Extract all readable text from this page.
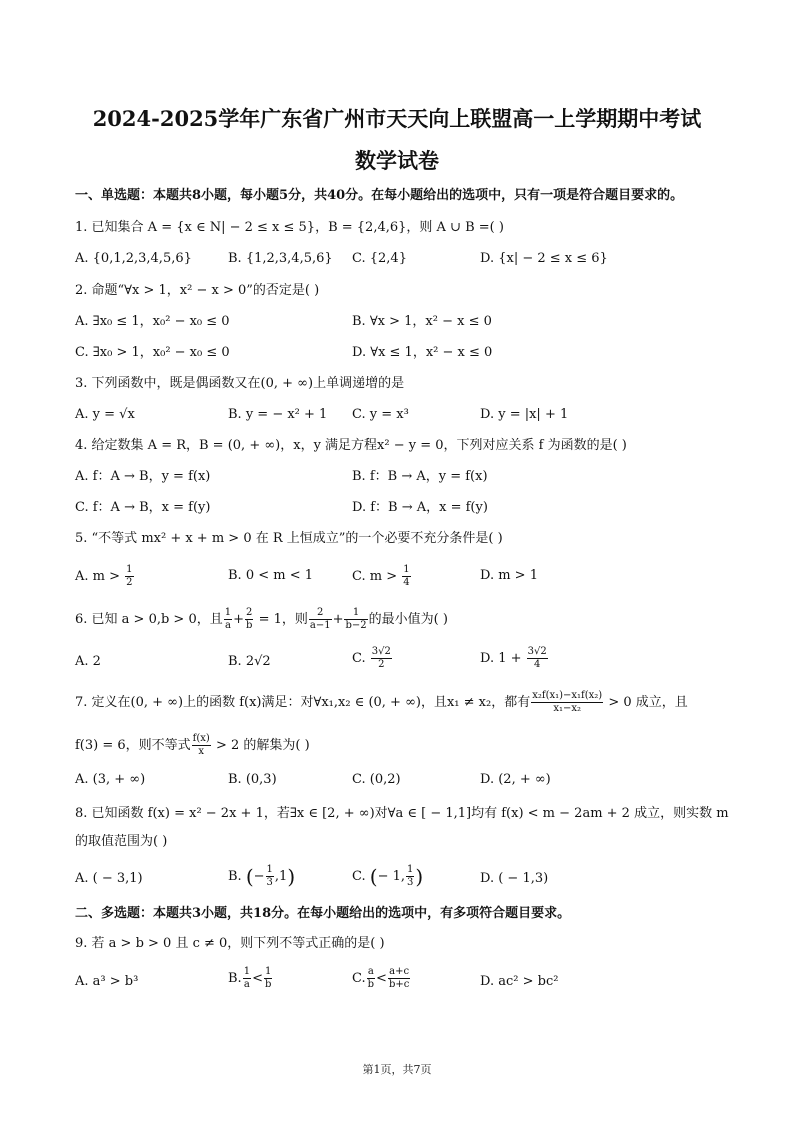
2024-2025学年广东省广州市天天向上联盟高一上学期期中考试
数学试卷
一、单选题：本题共8小题，每小题5分，共40分。在每小题给出的选项中，只有一项是符合题目要求的。
1. 已知集合 A = {x ∈ N| − 2 ≤ x ≤ 5}，B = {2,4,6}，则 A ∪ B =( )
A. {0,1,2,3,4,5,6}	B. {1,2,3,4,5,6} C. {2,4}	D. {x| − 2 ≤ x ≤ 6}
2. 命题“∀x > 1，x² − x > 0”的否定是( )
A. ∃x₀ ≤ 1，x₀² − x₀ ≤ 0	B. ∀x > 1，x² − x ≤ 0
C. ∃x₀ > 1，x₀² − x₀ ≤ 0	D. ∀x ≤ 1，x² − x ≤ 0
3. 下列函数中，既是偶函数又在(0, + ∞)上单调递增的是
A. y = √x	B. y = − x² + 1 C. y = x³	D. y = |x| + 1
4. 给定数集 A = R，B = (0, + ∞)，x，y 满足方程x² − y = 0，下列对应关系 f 为函数的是( )
A. f：A → B，y = f(x)	B. f：B → A，y = f(x)
C. f：A → B，x = f(y)	D. f：B → A，x = f(y)
5. “不等式 mx² + x + m > 0 在 R 上恒成立”的一个必要不充分条件是( )
A. $m > \frac{1}{2}$	B. 0 < m < 1	C. $m > \frac{1}{4}$	D. m > 1
6. 已知 a > 0,b > 0，且 $\frac{1}{a} + \frac{2}{b} = 1$，则 $\frac{2}{a-1} + \frac{1}{b-2}$ 的最小值为( )
A. 2	B. 2√2	C. $\frac{3√2}{2}$	D. $1 + \frac{3√2}{4}$
7. 定义在(0, + ∞)上的函数 f(x)满足：对∀x₁,x₂ ∈ (0, + ∞)，且x₁ ≠ x₂，都有 $\frac{\text{x₂f(x₁)−x₁f(x₂)}}{\text{x₁−x₂}} > 0$ 成立，且
f(3) = 6，则不等式 $\frac{f(x)}{x} > 2$ 的解集为( )
A. (3, + ∞)	B. (0,3)	C. (0,2)	D. (2, + ∞)
8. 已知函数 f(x) = x² − 2x + 1，若∃x ∈ [2, + ∞)对∀a ∈ [ − 1,1]均有 f(x) < m − 2am + 2 成立，则实数 m
的取值范围为( )
A. ( − 3,1)	B. (− $\frac{1}{3} ,1$)	C. (− 1, $\frac{1}{3}$ )	D. ( − 1,3)
二、多选题：本题共3小题，共18分。在每小题给出的选项中，有多项符合题目要求。
9. 若 a > b > 0 且 c ≠ 0，则下列不等式正确的是( )
A. a³ > b³	B. $\frac{1}{a} < \frac{1}{b}$	C. $\frac{a}{b} < \frac{a+c}{b+c}$	D. ac² > bc²
第1页，共7页
